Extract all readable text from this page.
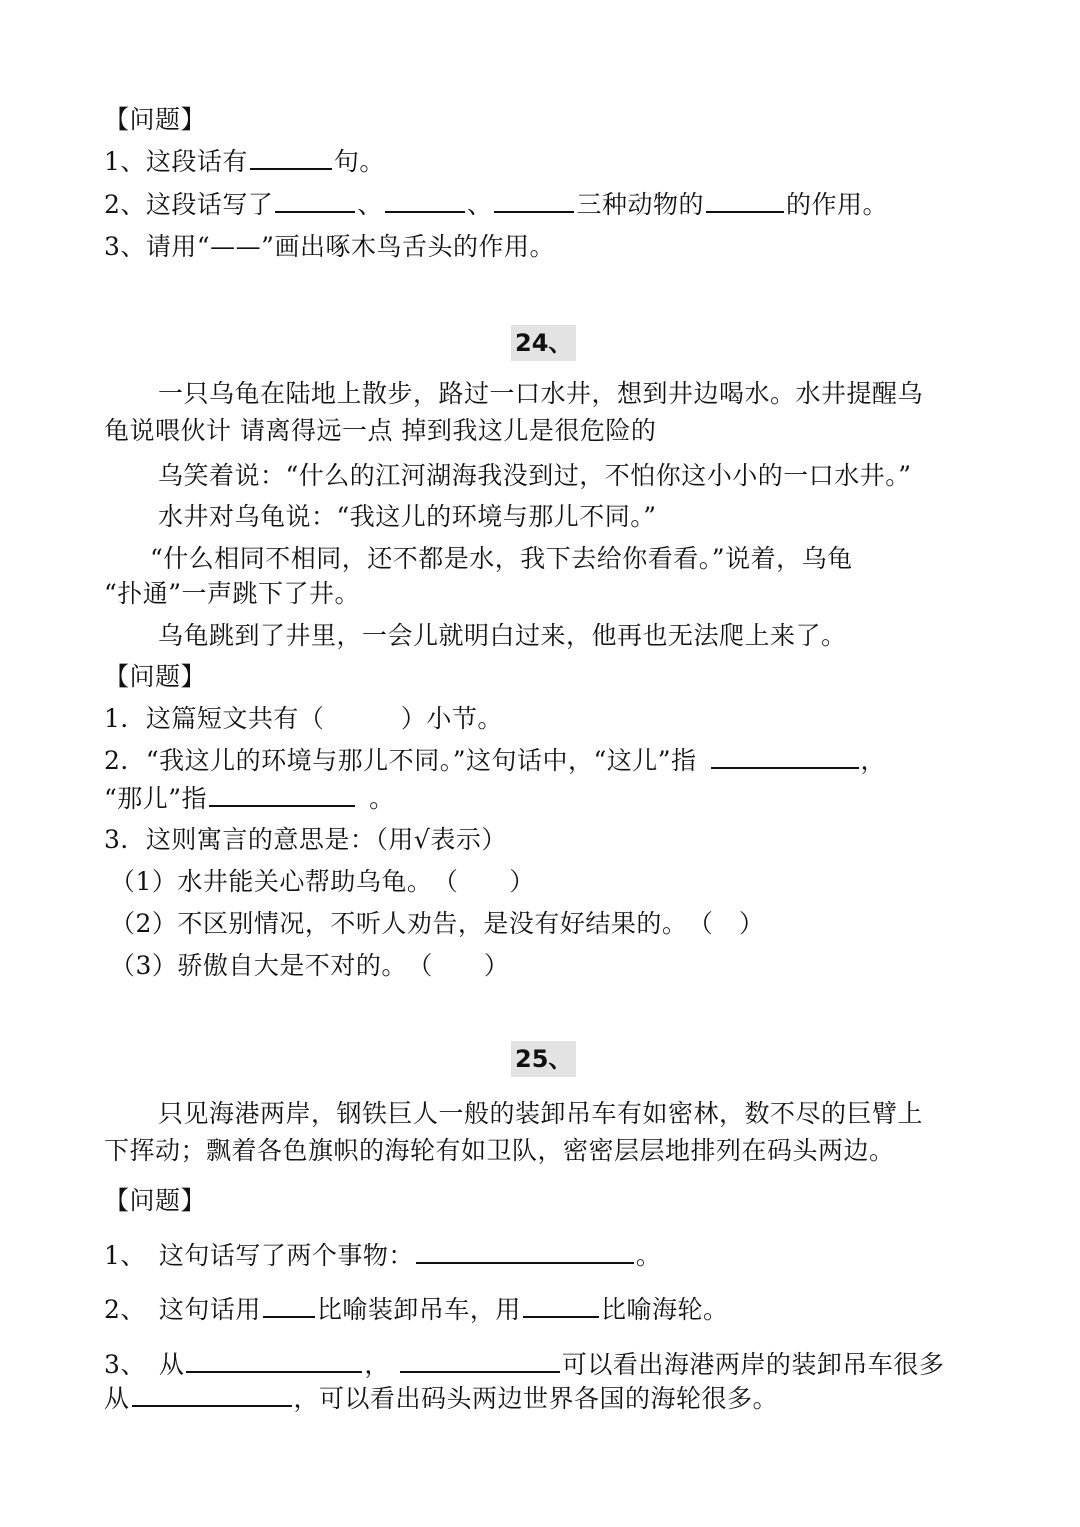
【问题】
1、这段话有	句。
2、这段话写了	、	、	三种动物的	的作用。
3、请用“——”画出啄木鸟舌头的作用。
24、
一只乌龟在陆地上散步，路过一口水井，想到井边喝水。水井提醒乌
龟说喂伙计 请离得远一点 掉到我这儿是很危险的
乌笑着说：“什么的江河湖海我没到过，不怕你这小小的一口水井。”
水井对乌龟说：“我这儿的环境与那儿不同。”
“什么相同不相同，还不都是水，我下去给你看看。”说着，乌龟
“扑通”一声跳下了井。
乌龟跳到了井里，一会儿就明白过来，他再也无法爬上来了。
【问题】
1．这篇短文共有（　　　）小节。
2．“我这儿的环境与那儿不同。”这句话中，“这儿”指	，
“那儿”指	。
3．这则寓言的意思是：（用√表示）
（1）水井能关心帮助乌龟。　（　　）
（2）不区别情况，不听人劝告，是没有好结果的。　（　）
（3）骄傲自大是不对的。　（　　）
25、
只见海港两岸，钢铁巨人一般的装卸吊车有如密林，数不尽的巨臂上
下挥动；飘着各色旗帜的海轮有如卫队，密密层层地排列在码头两边。
【问题】
1、　这句话写了两个事物：	。
2、　这句话用 比喻装卸吊车，用	比喻海轮。
3、　从	，	可以看出海港两岸的装卸吊车很多
从	，可以看出码头两边世界各国的海轮很多。
